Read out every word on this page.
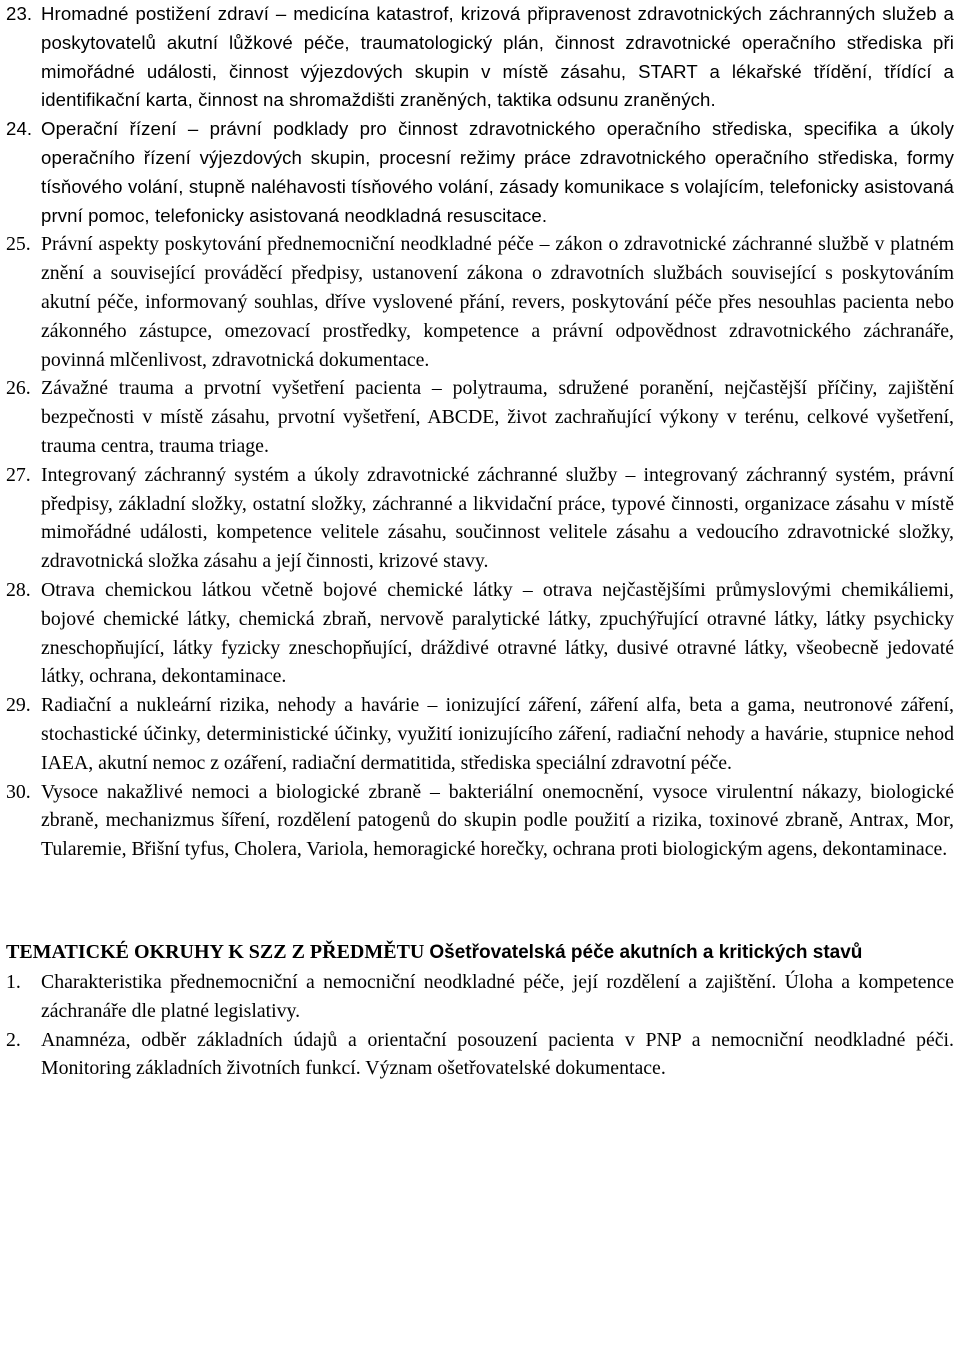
23. Hromadné postižení zdraví – medicína katastrof, krizová připravenost zdravotnických záchranných služeb a poskytovatelů akutní lůžkové péče, traumatologický plán, činnost zdravotnické operačního střediska při mimořádné události, činnost výjezdových skupin v místě zásahu, START a lékařské třídění, třídící a identifikační karta, činnost na shromaždišti zraněných, taktika odsunu zraněných.
24. Operační řízení – právní podklady pro činnost zdravotnického operačního střediska, specifika a úkoly operačního řízení výjezdových skupin, procesní režimy práce zdravotnického operačního střediska, formy tísňového volání, stupně naléhavosti tísňového volání, zásady komunikace s volajícím, telefonicky asistovaná první pomoc, telefonicky asistovaná neodkladná resuscitace.
25. Právní aspekty poskytování přednemocniční neodkladné péče – zákon o zdravotnické záchranné službě v platném znění a související prováděcí předpisy, ustanovení zákona o zdravotních službách související s poskytováním akutní péče, informovaný souhlas, dříve vyslovené přání, revers, poskytování péče přes nesouhlas pacienta nebo zákonného zástupce, omezovací prostředky, kompetence a právní odpovědnost zdravotnického záchranáře, povinná mlčenlivost, zdravotnická dokumentace.
26. Závažné trauma a prvotní vyšetření pacienta – polytrauma, sdružené poranění, nejčastější příčiny, zajištění bezpečnosti v místě zásahu, prvotní vyšetření, ABCDE, život zachraňující výkony v terénu, celkové vyšetření, trauma centra, trauma triage.
27. Integrovaný záchranný systém a úkoly zdravotnické záchranné služby – integrovaný záchranný systém, právní předpisy, základní složky, ostatní složky, záchranné a likvidační práce, typové činnosti, organizace zásahu v místě mimořádné události, kompetence velitele zásahu, součinnost velitele zásahu a vedoucího zdravotnické složky, zdravotnická složka zásahu a její činnosti, krizové stavy.
28. Otrava chemickou látkou včetně bojové chemické látky – otrava nejčastějšími průmyslovými chemikáliemi, bojové chemické látky, chemická zbraň, nervově paralytické látky, zpuchýřující otravné látky, látky psychicky zneschopňující, látky fyzicky zneschopňující, dráždivé otravné látky, dusivé otravné látky, všeobecně jedovaté látky, ochrana, dekontaminace.
29. Radiační a nukleární rizika, nehody a havárie – ionizující záření, záření alfa, beta a gama, neutronové záření, stochastické účinky, deterministické účinky, využití ionizujícího záření, radiační nehody a havárie, stupnice nehod IAEA, akutní nemoc z ozáření, radiační dermatitida, střediska speciální zdravotní péče.
30. Vysoce nakažlivé nemoci a biologické zbraně – bakteriální onemocnění, vysoce virulentní nákazy, biologické zbraně, mechanizmus šíření, rozdělení patogenů do skupin podle použití a rizika, toxinové zbraně, Antrax, Mor, Tularemie, Břišní tyfus, Cholera, Variola, hemoragické horečky, ochrana proti biologickým agens, dekontaminace.
TEMATICKÉ OKRUHY K SZZ Z PŘEDMĚTU Ošetřovatelská péče akutních a kritických stavů
1.	Charakteristika přednemocniční a nemocniční neodkladné péče, její rozdělení a zajištění. Úloha a kompetence záchranáře dle platné legislativy.
2.	Anamnéza, odběr základních údajů a orientační posouzení pacienta v PNP a nemocniční neodkladné péči. Monitoring základních životních funkcí. Význam ošetřovatelské dokumentace.
